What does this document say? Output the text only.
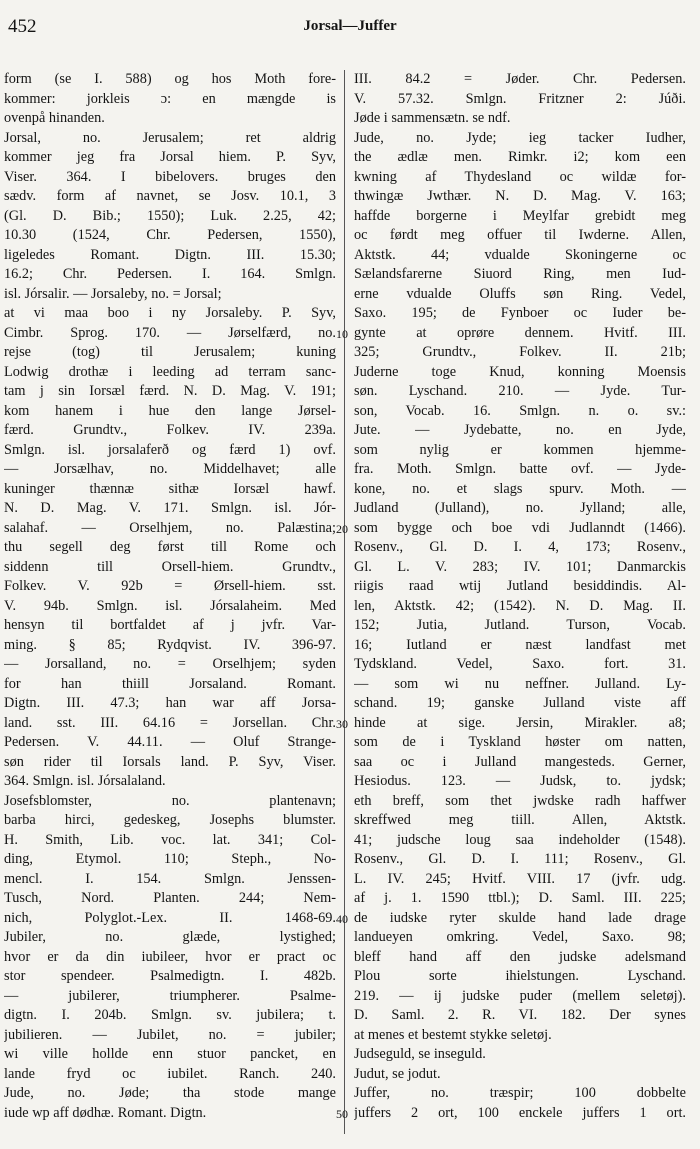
452	Jorsal—Juffer
form (se I. 588) og hos Moth fore-
kommer: jorkleis ɔ: en mængde is
ovenpå hinanden.
Jorsal, no. Jerusalem; ret aldrig
kommer jeg fra Jorsal hiem. P. Syv,
Viser. 364. I bibelovers. bruges den
sædv. form af navnet, se Josv. 10.1, 3
(Gl. D. Bib.; 1550); Luk. 2.25, 42;
10.30 (1524, Chr. Pedersen, 1550),
ligeledes Romant. Digtn. III. 15.30;
16.2; Chr. Pedersen. I. 164. Smlgn.
isl. Jórsalir. — Jorsaleby, no. = Jorsal;
at vi maa boo i ny Jorsaleby. P. Syv,
Cimbr. Sprog. 170. — Jørselfærd, no.
rejse (tog) til Jerusalem; kuning
Lodwig drothæ i leeding ad terram sanc-
tam j sin Iorsæl færd. N. D. Mag. V. 191;
kom hanem i hue den lange Jørsel-
færd. Grundtv., Folkev. IV. 239a.
Smlgn. isl. jorsalaferð og færd 1) ovf.
— Jorsælhav, no. Middelhavet; alle
kuninger thænnæ sithæ Iorsæl hawf.
N. D. Mag. V. 171. Smlgn. isl. Jór-
salahaf. — Orselhjem, no. Palæstina;
thu segell deg først till Rome och
siddenn till Orsell-hiem. Grundtv.,
Folkev. V. 92b = Ørsell-hiem. sst.
V. 94b. Smlgn. isl. Jórsalaheim. Med
hensyn til bortfaldet af j jvfr. Var-
ming. § 85; Rydqvist. IV. 396-97.
— Jorsalland, no. = Orselhjem; syden
for han thiill Jorsaland. Romant.
Digtn. III. 47.3; han war aff Jorsa-
land. sst. III. 64.16 = Jorsellan. Chr.
Pedersen. V. 44.11. — Oluf Strange-
søn rider til Iorsals land. P. Syv, Viser.
364. Smlgn. isl. Jórsalaland.
Josefsblomster, no. plantenavn;
barba hirci, gedeskeg, Josephs blumster.
H. Smith, Lib. voc. lat. 341; Col-
ding, Etymol. 110; Steph., No-
mencl. I. 154. Smlgn. Jenssen-
Tusch, Nord. Planten. 244; Nem-
nich, Polyglot.-Lex. II. 1468-69.
Jubiler, no. glæde, lystighed;
hvor er da din iubileer, hvor er pract oc
stor spendeer. Psalmedigtn. I. 482b.
— jubilerer, triumpherer. Psalme-
digtn. I. 204b. Smlgn. sv. jubilera; t.
jubilieren. — Jubilet, no. = jubiler;
wi ville hollde enn stuor pancket, en
lande fryd oc iubilet. Ranch. 240.
Jude, no. Jøde; tha stode mange
iude wp aff dødhæ. Romant. Digtn.
10
20
30
40
50
III. 84.2 = Jøder. Chr. Pedersen.
V. 57.32. Smlgn. Fritzner 2: Júði.
Jøde i sammensætn. se ndf.
Jude, no. Jyde; ieg tacker Iudher,
the ædlæ men. Rimkr. i2; kom een
kwning af Thydesland oc wildæ for-
thwingæ Jwthær. N. D. Mag. V. 163;
haffde borgerne i Meylfar grebidt meg
oc førdt meg offuer til Iwderne. Allen,
Aktstk. 44; vdualde Skoningerne oc
Sælandsfarerne Siuord Ring, men Iud-
erne vdualde Oluffs søn Ring. Vedel,
Saxo. 195; de Fynboer oc Iuder be-
gynte at oprøre dennem. Hvitf. III.
325; Grundtv., Folkev. II. 21b;
Juderne toge Knud, konning Moensis
søn. Lyschand. 210. — Jyde. Tur-
son, Vocab. 16. Smlgn. n. o. sv.:
Jute. — Jydebatte, no. en Jyde,
som nylig er kommen hjemme-
fra. Moth. Smlgn. batte ovf. — Jyde-
kone, no. et slags spurv. Moth. —
Judland (Julland), no. Jylland; alle,
som bygge och boe vdi Judlanndt (1466).
Rosenv., Gl. D. I. 4, 173; Rosenv.,
Gl. L. V. 283; IV. 101; Danmarckis
riigis raad wtij Jutland besiddindis. Al-
len, Aktstk. 42; (1542). N. D. Mag. II.
152; Jutia, Jutland. Turson, Vocab.
16; Iutland er næst landfast met
Tydskland. Vedel, Saxo. fort. 31.
— som wi nu neffner. Julland. Ly-
schand. 19; ganske Julland viste aff
hinde at sige. Jersin, Mirakler. a8;
som de i Tyskland høster om natten,
saa oc i Julland mangesteds. Gerner,
Hesiodus. 123. — Judsk, to. jydsk;
eth breff, som thet jwdske radh haffwer
skreffwed meg tiill. Allen, Aktstk.
41; judsche loug saa indeholder (1548).
Rosenv., Gl. D. I. 111; Rosenv., Gl.
L. IV. 245; Hvitf. VIII. 17 (jvfr. udg.
af j. 1. 1590 ttbl.); D. Saml. III. 225;
de iudske ryter skulde hand lade drage
landueyen omkring. Vedel, Saxo. 98;
bleff hand aff den judske adelsmand
Plou sorte ihielstungen. Lyschand.
219. — ij judske puder (mellem seletøj).
D. Saml. 2. R. VI. 182. Der synes
at menes et bestemt stykke seletøj.
Judseguld, se inseguld.
Judut, se jodut.
Juffer, no. træspir; 100 dobbelte
juffers 2 ort, 100 enckele juffers 1 ort.
